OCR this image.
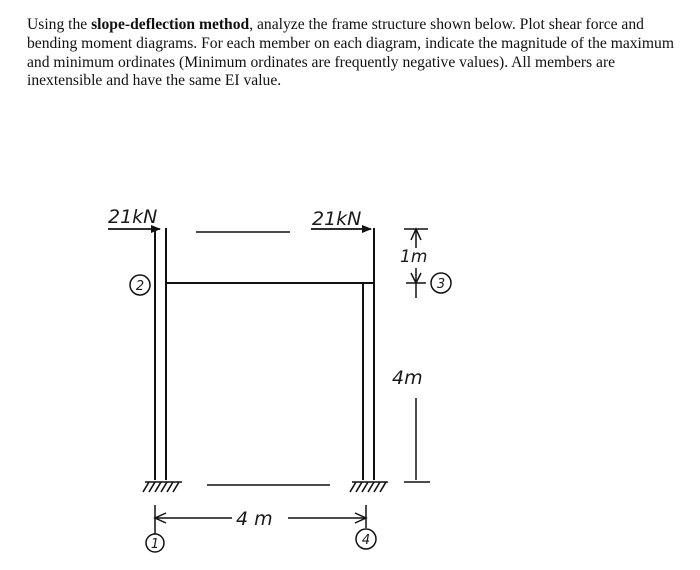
Using the slope-deflection method, analyze the frame structure shown below. Plot shear force and bending moment diagrams. For each member on each diagram, indicate the magnitude of the maximum and minimum ordinates (Minimum ordinates are frequently negative values). All members are inextensible and have the same EI value.

21kN	21kN
1m
4m
4 m
1
2	3
4
